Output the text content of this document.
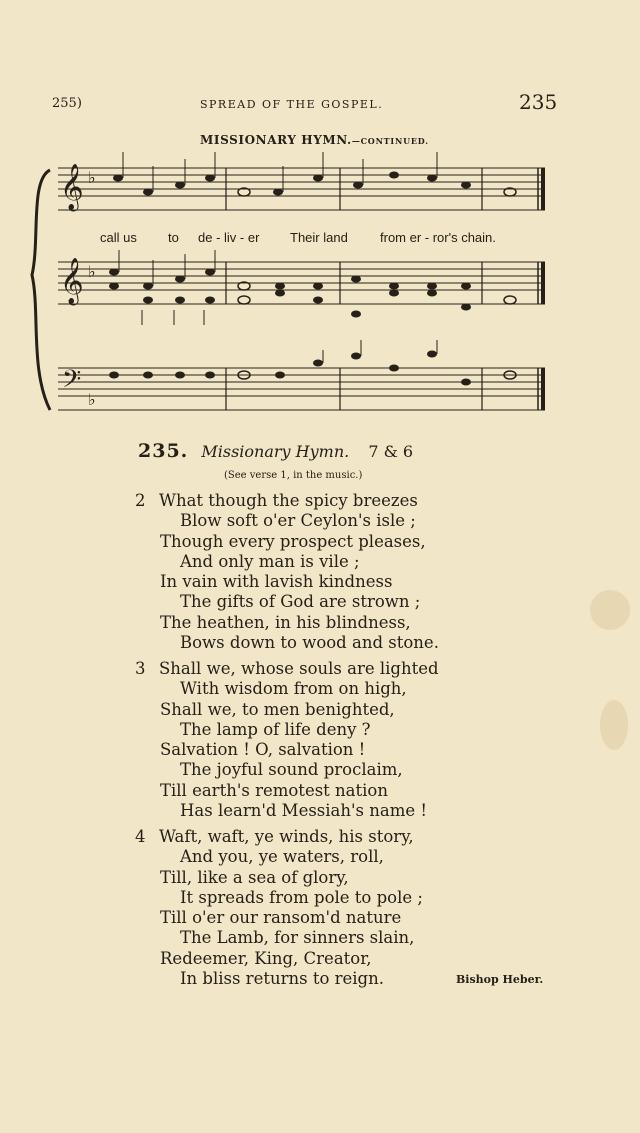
255)	SPREAD OF THE GOSPEL.	235
MISSIONARY HYMN.—CONTINUED.
𝄞 ♭
𝄞 ♭
𝄢 ♭
call us to de - liv - er Their land from er - ror's chain.
235. Missionary Hymn. 7 & 6
(See verse 1, in the music.)
2 What though the spicy breezes
Blow soft o'er Ceylon's isle ;
Though every prospect pleases,
And only man is vile ;
In vain with lavish kindness
The gifts of God are strown ;
The heathen, in his blindness,
Bows down to wood and stone.
3 Shall we, whose souls are lighted
With wisdom from on high,
Shall we, to men benighted,
The lamp of life deny ?
Salvation ! O, salvation !
The joyful sound proclaim,
Till earth's remotest nation
Has learn'd Messiah's name !
4 Waft, waft, ye winds, his story,
And you, ye waters, roll,
Till, like a sea of glory,
It spreads from pole to pole ;
Till o'er our ransom'd nature
The Lamb, for sinners slain,
Redeemer, King, Creator,
In bliss returns to reign.	Bishop Heber.
